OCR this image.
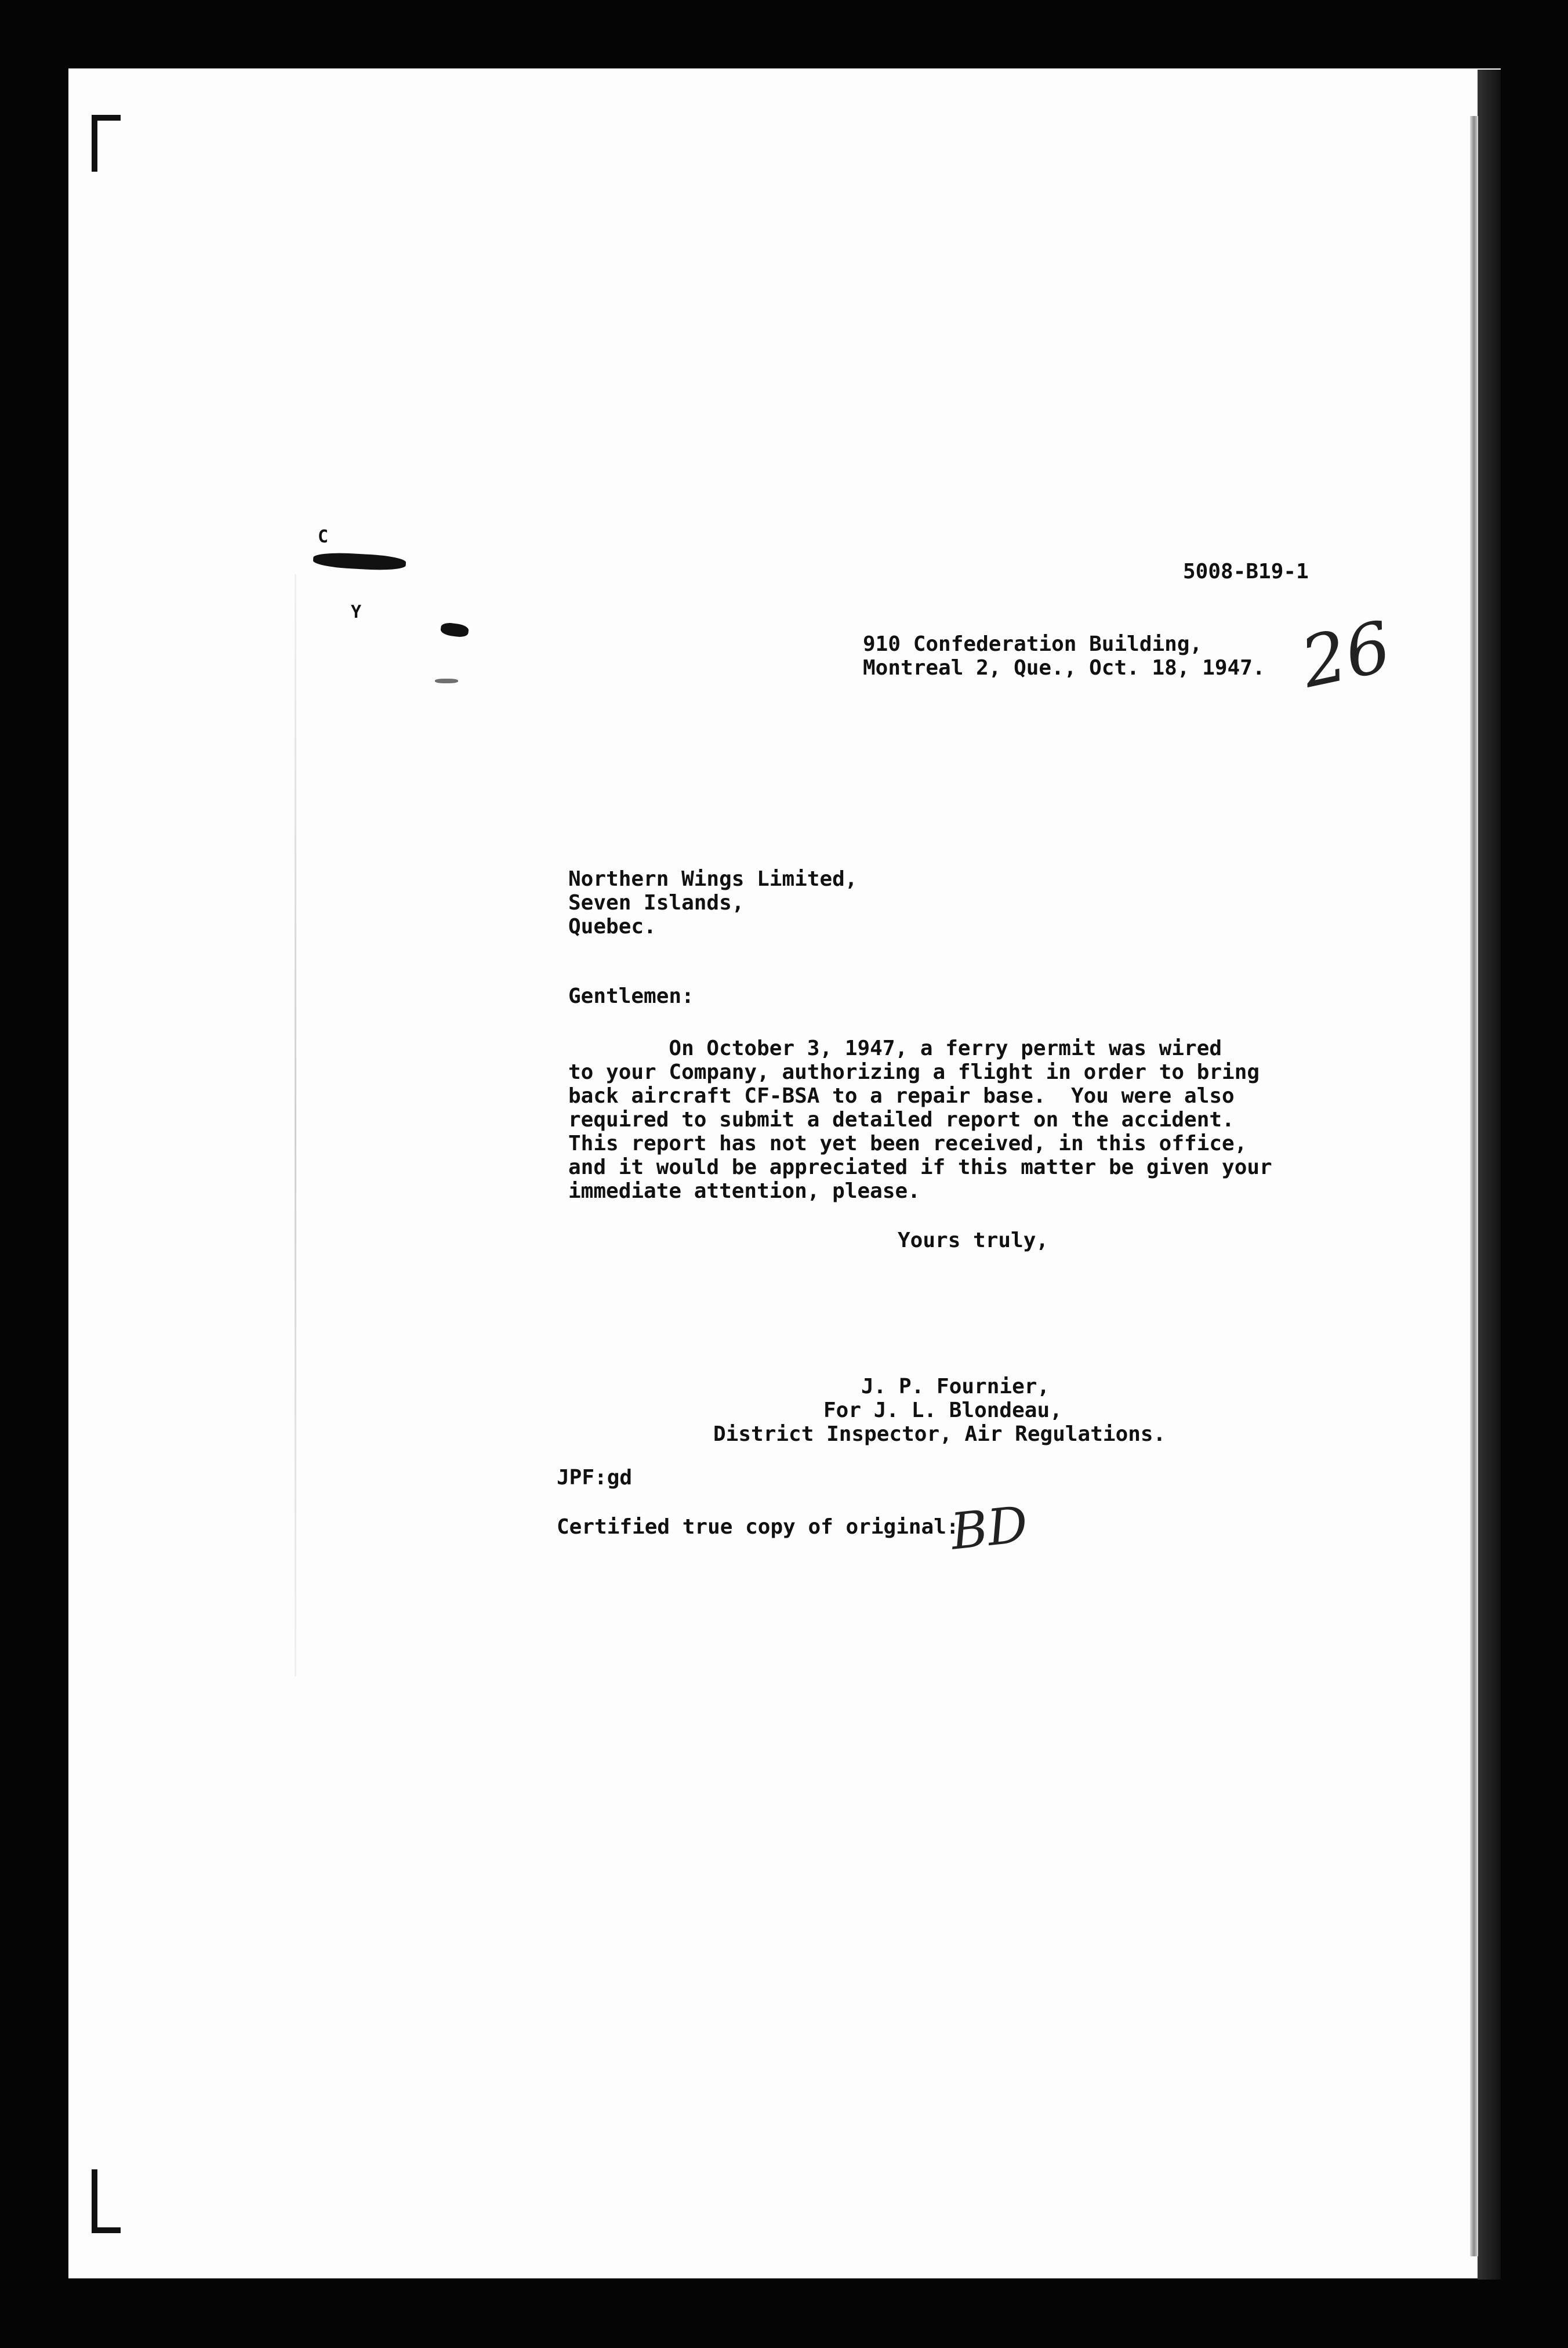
C
Y
5008-B19-1
910 Confederation Building,
Montreal 2, Que., Oct. 18, 1947. 26
Northern Wings Limited,
Seven Islands,
Quebec.
Gentlemen:
On October 3, 1947, a ferry permit was wired
to your Company, authorizing a flight in order to bring
back aircraft CF-BSA to a repair base.  You were also
required to submit a detailed report on the accident.
This report has not yet been received, in this office,
and it would be appreciated if this matter be given your
immediate attention, please.
Yours truly,
J. P. Fournier,
For J. L. Blondeau,
District Inspector, Air Regulations.
JPF:gd
Certified true copy of original:
BD
